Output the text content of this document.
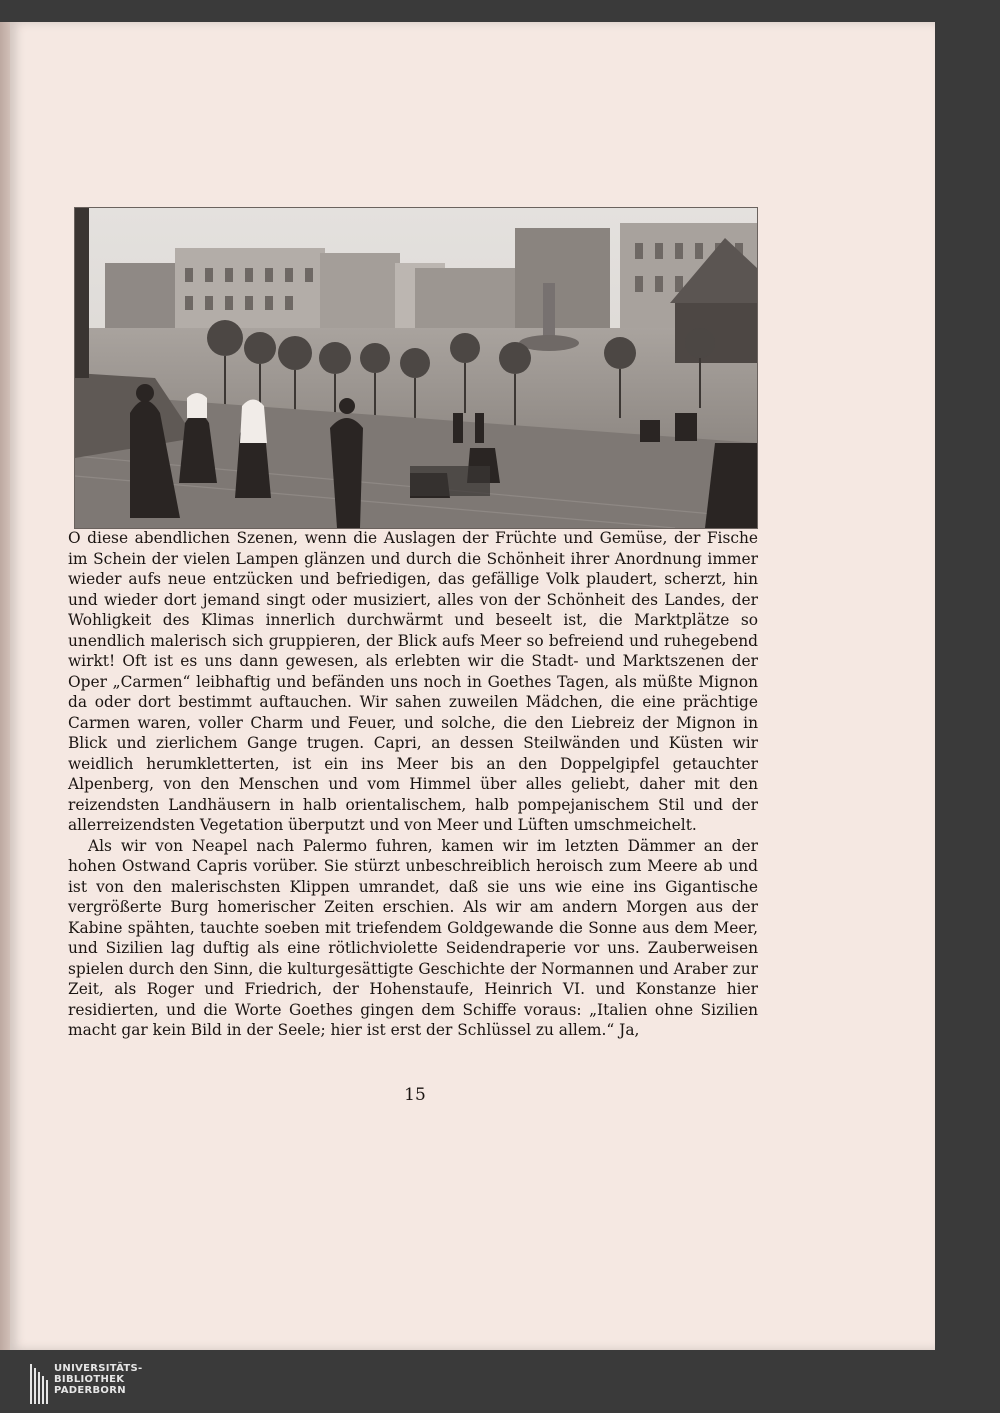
O diese abendlichen Szenen, wenn die Auslagen der Früchte und Gemüse, der Fische im Schein der vielen Lampen glänzen und durch die Schönheit ihrer Anordnung immer wieder aufs neue entzücken und befriedigen, das gefällige Volk plaudert, scherzt, hin und wieder dort jemand singt oder musiziert, alles von der Schönheit des Landes, der Wohligkeit des Klimas innerlich durchwärmt und beseelt ist, die Marktplätze so unendlich malerisch sich gruppieren, der Blick aufs Meer so befreiend und ruhegebend wirkt! Oft ist es uns dann gewesen, als erlebten wir die Stadt- und Marktszenen der Oper „Carmen“ leibhaftig und befänden uns noch in Goethes Tagen, als müßte Mignon da oder dort bestimmt auftauchen. Wir sahen zuweilen Mädchen, die eine prächtige Carmen waren, voller Charm und Feuer, und solche, die den Liebreiz der Mignon in Blick und zierlichem Gange trugen. Capri, an dessen Steilwänden und Küsten wir weidlich herumkletterten, ist ein ins Meer bis an den Doppelgipfel getauchter Alpenberg, von den Menschen und vom Himmel über alles geliebt, daher mit den reizendsten Landhäusern in halb orientalischem, halb pompejanischem Stil und der allerreizendsten Vegetation überputzt und von Meer und Lüften umschmeichelt.

Als wir von Neapel nach Palermo fuhren, kamen wir im letzten Dämmer an der hohen Ostwand Capris vorüber. Sie stürzt unbeschreiblich heroisch zum Meere ab und ist von den malerischsten Klippen umrandet, daß sie uns wie eine ins Gigantische vergrößerte Burg homerischer Zeiten erschien. Als wir am andern Morgen aus der Kabine spähten, tauchte soeben mit triefendem Goldgewande die Sonne aus dem Meer, und Sizilien lag duftig als eine rötlichviolette Seidendraperie vor uns. Zauberweisen spielen durch den Sinn, die kulturgesättigte Geschichte der Normannen und Araber zur Zeit, als Roger und Friedrich, der Hohenstaufe, Heinrich VI. und Konstanze hier residierten, und die Worte Goethes gingen dem Schiffe voraus: „Italien ohne Sizilien macht gar kein Bild in der Seele; hier ist erst der Schlüssel zu allem.“ Ja,

15
UNIVERSITÄTS-
BIBLIOTHEK
PADERBORN
